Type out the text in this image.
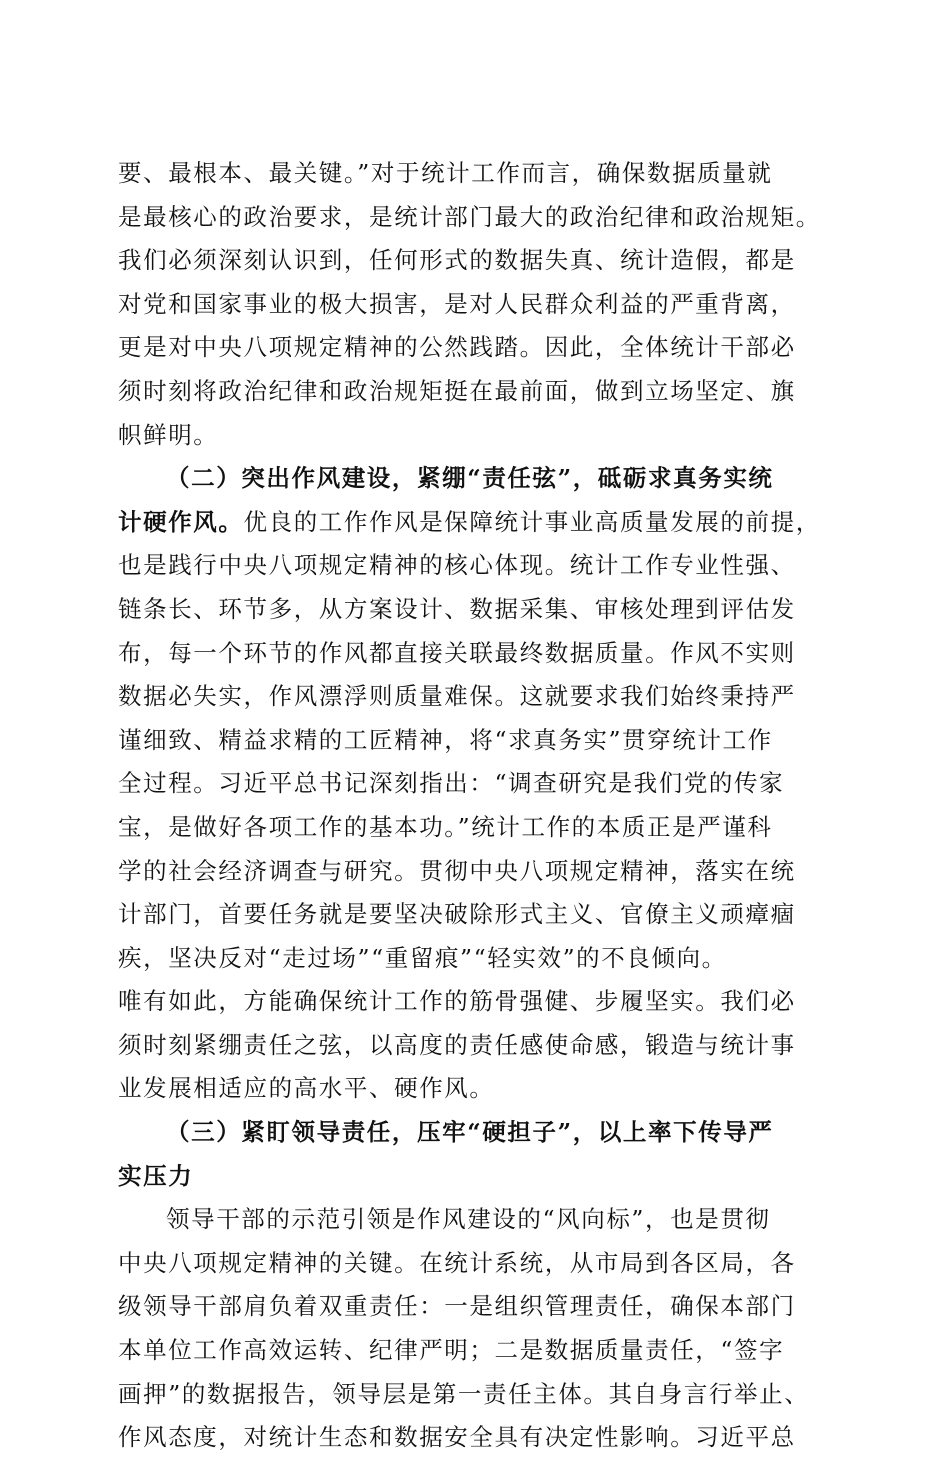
要、最根本、最关键。”对于统计工作而言，确保数据质量就
是最核心的政治要求，是统计部门最大的政治纪律和政治规矩。
我们必须深刻认识到，任何形式的数据失真、统计造假，都是
对党和国家事业的极大损害，是对人民群众利益的严重背离，
更是对中央八项规定精神的公然践踏。因此，全体统计干部必
须时刻将政治纪律和政治规矩挺在最前面，做到立场坚定、旗
帜鲜明。
（二）突出作风建设，紧绷“责任弦”，砥砺求真务实统
计硬作风。优良的工作作风是保障统计事业高质量发展的前提，
也是践行中央八项规定精神的核心体现。统计工作专业性强、
链条长、环节多，从方案设计、数据采集、审核处理到评估发
布，每一个环节的作风都直接关联最终数据质量。作风不实则
数据必失实，作风漂浮则质量难保。这就要求我们始终秉持严
谨细致、精益求精的工匠精神，将“求真务实”贯穿统计工作
全过程。习近平总书记深刻指出：“调查研究是我们党的传家
宝，是做好各项工作的基本功。”统计工作的本质正是严谨科
学的社会经济调查与研究。贯彻中央八项规定精神，落实在统
计部门，首要任务就是要坚决破除形式主义、官僚主义顽瘴痼
疾，坚决反对“走过场”“重留痕”“轻实效”的不良倾向。
唯有如此，方能确保统计工作的筋骨强健、步履坚实。我们必
须时刻紧绷责任之弦，以高度的责任感使命感，锻造与统计事
业发展相适应的高水平、硬作风。
（三）紧盯领导责任，压牢“硬担子”，以上率下传导严
实压力
领导干部的示范引领是作风建设的“风向标”，也是贯彻
中央八项规定精神的关键。在统计系统，从市局到各区局，各
级领导干部肩负着双重责任：一是组织管理责任，确保本部门
本单位工作高效运转、纪律严明；二是数据质量责任，“签字
画押”的数据报告，领导层是第一责任主体。其自身言行举止、
作风态度，对统计生态和数据安全具有决定性影响。习近平总
